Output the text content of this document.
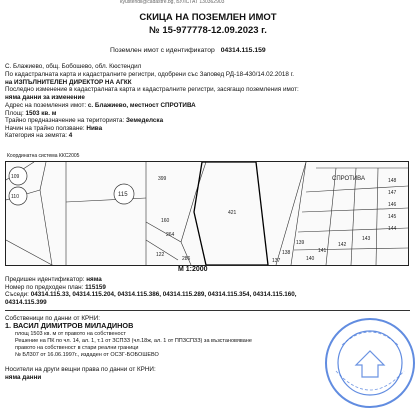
kyustendil@cadastre.bg, БУЛСТАТ 130362903
СКИЦА НА ПОЗЕМЛЕН ИМОТ
№ 15-977778-12.09.2023 г.
Поземлен имот с идентификатор 04314.115.159
С. Блажиево, общ. Бобошево, обл. Кюстендил
По кадастралната карта и кадастралните регистри, одобрени със Заповед РД-18-430/14.02.2018 г.
на ИЗПЪЛНИТЕЛЕН ДИРЕКТОР НА АГКК
Последно изменение в кадастралната карта и кадастралните регистри, засягащо поземления имот:
няма данни за изменение
Адрес на поземления имот: с. Блажиево, местност СПРОТИВА
Площ: 1503 кв. м
Трайно предназначение на територията: Земеделска
Начин на трайно ползване: Нива
Категория на земята: 4
Координатна система ККС2005
109
110	115
399
160
264
122
286
421
148
147
146
145
144
143
142
141
140
139
138
137
СПРОТИВА
М 1:2000
Предишен идентификатор: няма
Номер по предходен план: 115159
Съседи: 04314.115.33, 04314.115.204, 04314.115.386, 04314.115.289, 04314.115.354, 04314.115.160,
04314.115.399
Собственици по данни от КРНИ:
1. ВАСИЛ ДИМИТРОВ МИЛАДИНОВ
площ 1503 кв. м от правото на собственост
Решение на ПК по чл. 14, ал. 1, т.1 от ЗСПЗЗ (чл.18ж, ал. 1 от ППЗСПЗЗ) за възстановяване
правото на собственост в стари реални граници
№ БЛ307 от 16.06.1997г., издаден от ОСЗГ-БОБОШЕВО
Носители на други вещни права по данни от КРНИ:
няма данни
